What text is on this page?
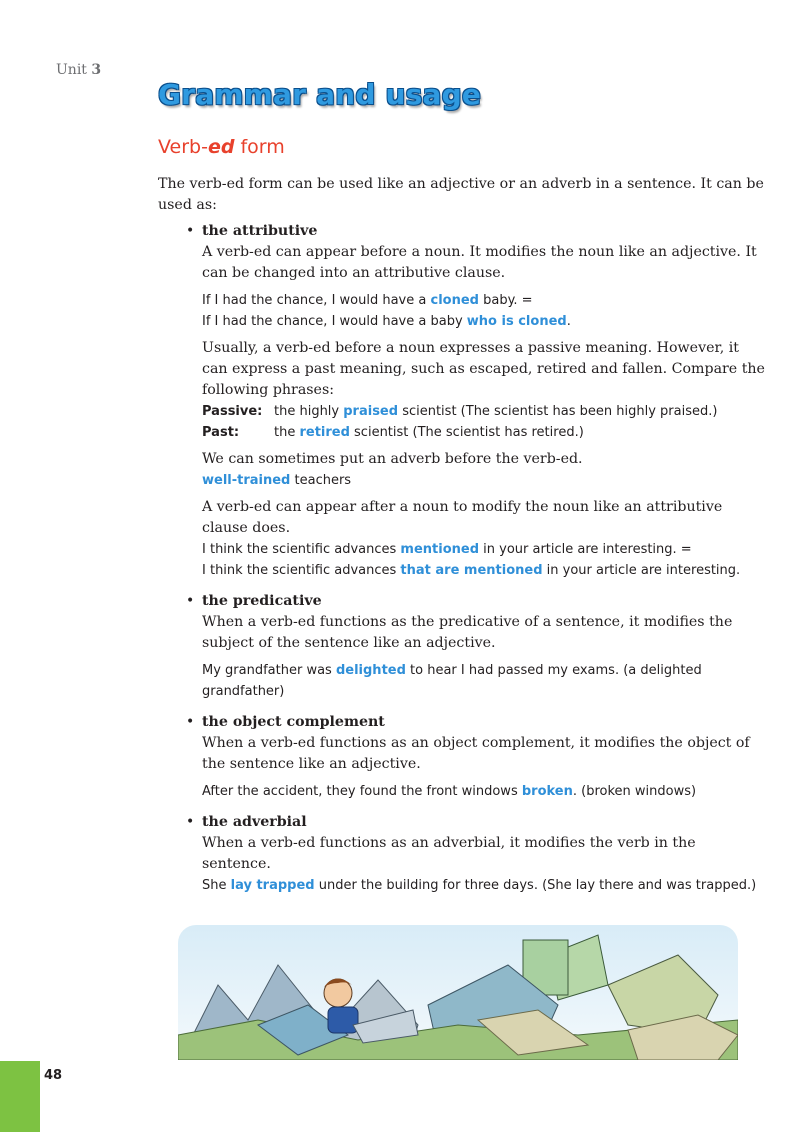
Unit 3
Grammar and usage
Verb-ed form

The verb-ed form can be used like an adjective or an adverb in a sentence. It can be used as:

• the attributive

A verb-ed can appear before a noun. It modifies the noun like an adjective. It can be changed into an attributive clause.

If I had the chance, I would have a cloned baby. =

If I had the chance, I would have a baby who is cloned.

Usually, a verb-ed before a noun expresses a passive meaning. However, it can express a past meaning, such as escaped, retired and fallen. Compare the following phrases:

Passive: the highly praised scientist (The scientist has been highly praised.)
Past:	the retired scientist (The scientist has retired.)

We can sometimes put an adverb before the verb-ed.

well-trained teachers

A verb-ed can appear after a noun to modify the noun like an attributive clause does.

I think the scientific advances mentioned in your article are interesting. =

I think the scientific advances that are mentioned in your article are interesting.

• the predicative

When a verb-ed functions as the predicative of a sentence, it modifies the subject of the sentence like an adjective.

My grandfather was delighted to hear I had passed my exams. (a delighted grandfather)

• the object complement

When a verb-ed functions as an object complement, it modifies the object of the sentence like an adjective.

After the accident, they found the front windows broken. (broken windows)

• the adverbial

When a verb-ed functions as an adverbial, it modifies the verb in the sentence.

She lay trapped under the building for three days. (She lay there and was trapped.)

48
